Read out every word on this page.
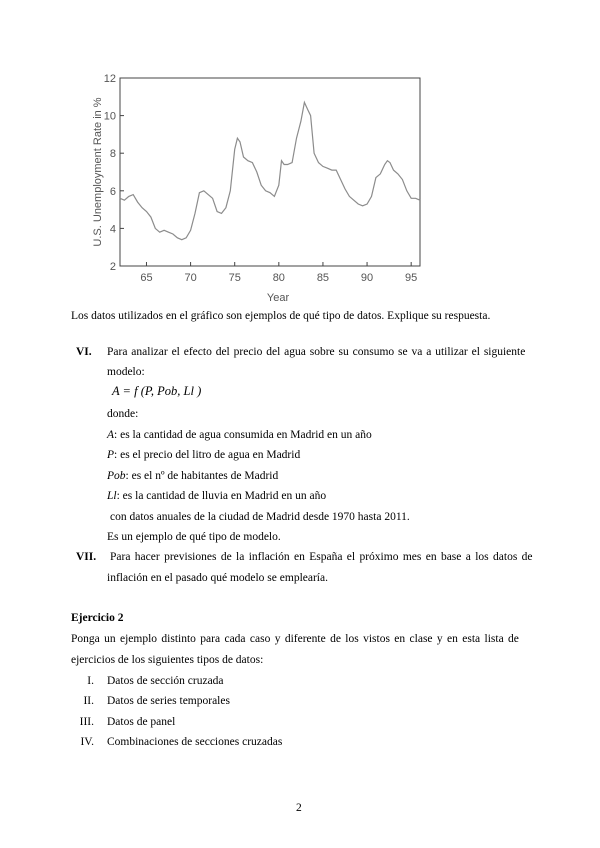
2
4
6
8
10
12
65	70	75	80	85	90	95
U.S. Unemployment Rate in %
Year
Los datos utilizados en el gráfico son ejemplos de qué tipo de datos. Explique su respuesta.
VI. Para analizar el efecto del precio del agua sobre su consumo se va a utilizar el siguiente
modelo:
A = f (P, Pob, Ll )
donde:
A: es la cantidad de agua consumida en Madrid en un año
P: es el precio del litro de agua en Madrid
Pob: es el nº de habitantes de Madrid
Ll: es la cantidad de lluvia en Madrid en un año
con datos anuales de la ciudad de Madrid desde 1970 hasta 2011.
Es un ejemplo de qué tipo de modelo.
VII. Para hacer previsiones de la inflación en España el próximo mes en base a los datos de
inflación en el pasado qué modelo se emplearía.
Ejercicio 2
Ponga un ejemplo distinto para cada caso y diferente de los vistos en clase y en esta lista de
ejercicios de los siguientes tipos de datos:
I. Datos de sección cruzada
II. Datos de series temporales
III. Datos de panel
IV. Combinaciones de secciones cruzadas
2
